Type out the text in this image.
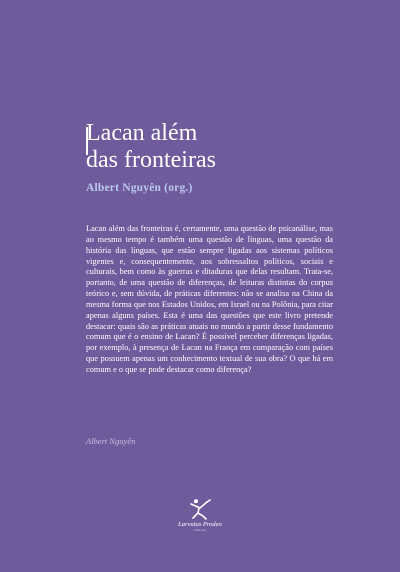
Lacan além
das fronteiras
Albert Nguyên (org.)

Lacan além das fronteiras é, certamente, uma questão de psicanálise, mas ao mesmo tempo é também uma questão de línguas, uma questão da história das línguas, que estão sempre ligadas aos sistemas políticos vigentes e, consequentemente, aos sobressaltos políticos, sociais e culturais, bem como às guerras e ditaduras que delas resultam. Trata-se, portanto, de uma questão de diferenças, de leituras distintas do corpus teórico e, sem dúvida, de práticas diferentes: não se analisa na China da mesma forma que nos Estados Unidos, em Israel ou na Polônia, para citar apenas alguns países. Esta é uma das questões que este livro pretende destacar: quais são as práticas atuais no mundo a partir desse fundamento comum que é o ensino de Lacan? É possível perceber diferenças ligadas, por exemplo, à presença de Lacan na França em comparação com países que possuem apenas um conhecimento textual de sua obra? O que há em comum e o que se pode destacar como diferença?

Albert Nguyên
Larvatus Prodeo
editora
